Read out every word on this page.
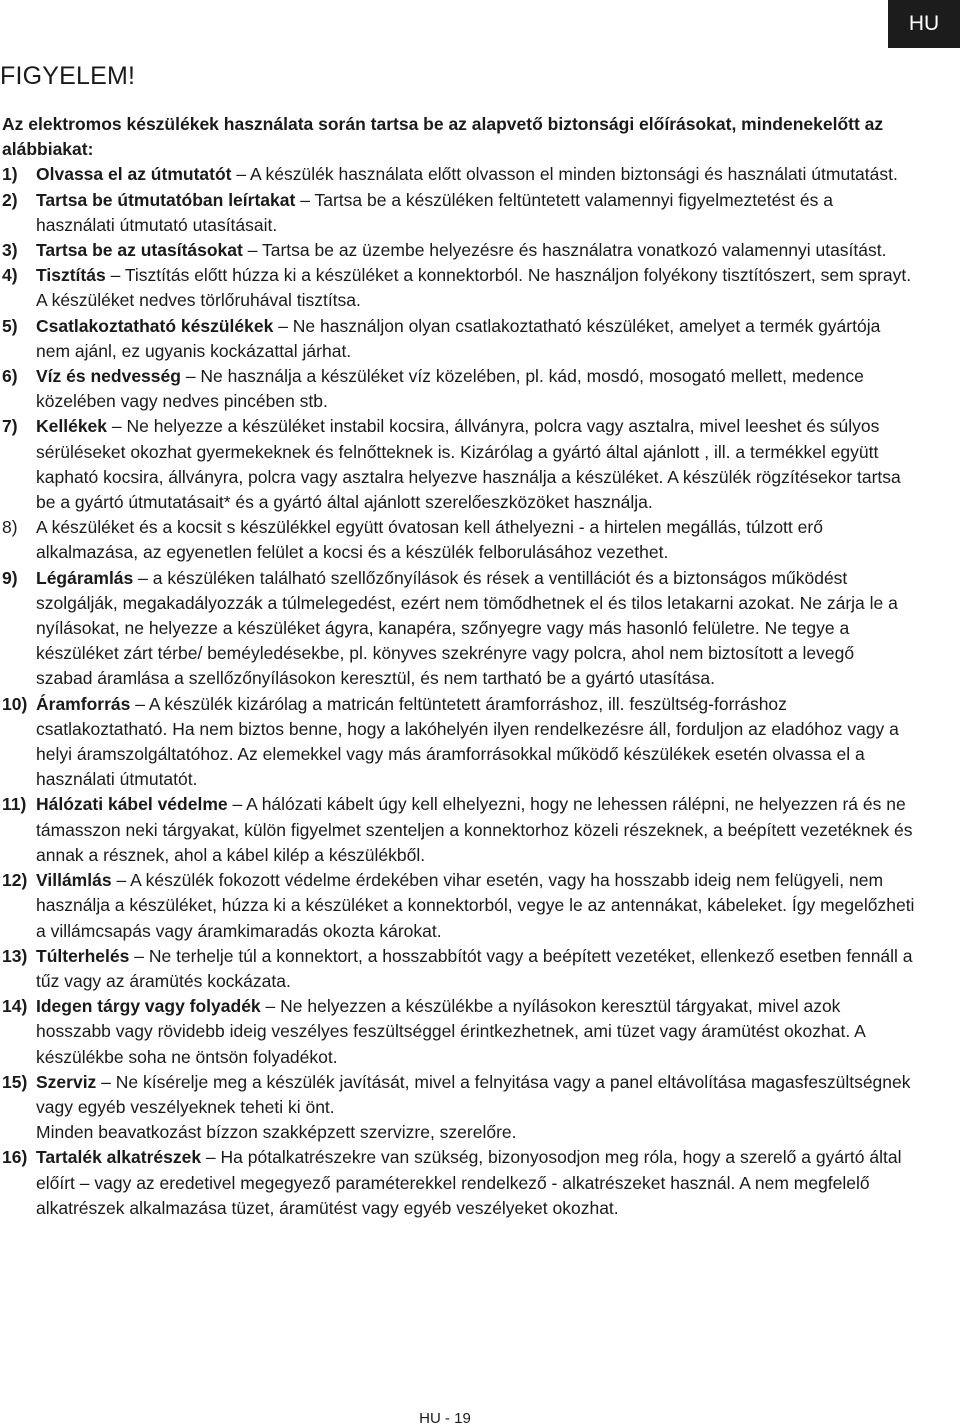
HU
FIGYELEM!

Az elektromos készülékek használata során tartsa be az alapvető biztonsági előírásokat, mindenekelőtt az alábbiakat:

1) Olvassa el az útmutatót – A készülék használata előtt olvasson el minden biztonsági és használati útmutatást.
2) Tartsa be útmutatóban leírtakat – Tartsa be a készüléken feltüntetett valamennyi figyelmeztetést és a használati útmutató utasításait.
3) Tartsa be az utasításokat – Tartsa be az üzembe helyezésre és használatra vonatkozó valamennyi utasítást.
4) Tisztítás – Tisztítás előtt húzza ki a készüléket a konnektorból. Ne használjon folyékony tisztítószert, sem sprayt. A készüléket nedves törlőruhával tisztítsa.
5) Csatlakoztatható készülékek – Ne használjon olyan csatlakoztatható készüléket, amelyet a termék gyártója nem ajánl, ez ugyanis kockázattal járhat.
6) Víz és nedvesség – Ne használja a készüléket víz közelében, pl. kád, mosdó, mosogató mellett, medence közelében vagy nedves pincében stb.
7) Kellékek – Ne helyezze a készüléket instabil kocsira, állványra, polcra vagy asztalra, mivel leeshet és súlyos sérüléseket okozhat gyermekeknek és felnőtteknek is. Kizárólag a gyártó által ajánlott , ill. a termékkel együtt kapható kocsira, állványra, polcra vagy asztalra helyezve használja a készüléket. A készülék rögzítésekor tartsa be a gyártó útmutatásait* és a gyártó által ajánlott szerelőeszközöket használja.
8) A készüléket és a kocsit s készülékkel együtt óvatosan kell áthelyezni - a hirtelen megállás, túlzott erő alkalmazása, az egyenetlen felület a kocsi és a készülék felborulásához vezethet.
9) Légáramlás – a készüléken található szellőzőnyílások és rések a ventillációt és a biztonságos működést szolgálják, megakadályozzák a túlmelegedést, ezért nem tömődhetnek el és tilos letakarni azokat. Ne zárja le a nyílásokat, ne helyezze a készüléket ágyra, kanapéra, szőnyegre vagy más hasonló felületre. Ne tegye a készüléket zárt térbe/ beméyledésekbe, pl. könyves szekrényre vagy polcra, ahol nem biztosított a levegő szabad áramlása a szellőzőnyílásokon keresztül, és nem tartható be a gyártó utasítása.
10) Áramforrás – A készülék kizárólag a matricán feltüntetett áramforráshoz, ill. feszültség-forráshoz csatlakoztatható. Ha nem biztos benne, hogy a lakóhelyén ilyen rendelkezésre áll, forduljon az eladóhoz vagy a helyi áramszolgáltatóhoz. Az elemekkel vagy más áramforrásokkal működő készülékek esetén olvassa el a használati útmutatót.
11) Hálózati kábel védelme – A hálózati kábelt úgy kell elhelyezni, hogy ne lehessen rálépni, ne helyezzen rá és ne támasszon neki tárgyakat, külön figyelmet szenteljen a konnektorhoz közeli részeknek, a beépített vezetéknek és annak a résznek, ahol a kábel kilép a készülékből.
12) Villámlás – A készülék fokozott védelme érdekében vihar esetén, vagy ha hosszabb ideig nem felügyeli, nem használja a készüléket, húzza ki a készüléket a konnektorból, vegye le az antennákat, kábeleket. Így megelőzheti a villámcsapás vagy áramkimaradás okozta károkat.
13) Túlterhelés – Ne terhelje túl a konnektort, a hosszabbítót vagy a beépített vezetéket, ellenkező esetben fennáll a tűz vagy az áramütés kockázata.
14) Idegen tárgy vagy folyadék – Ne helyezzen a készülékbe a nyílásokon keresztül tárgyakat, mivel azok hosszabb vagy rövidebb ideig veszélyes feszültséggel érintkezhetnek, ami tüzet vagy áramütést okozhat. A készülékbe soha ne öntsön folyadékot.
15) Szerviz – Ne kísérelje meg a készülék javítását, mivel a felnyitása vagy a panel eltávolítása magasfeszültségnek vagy egyéb veszélyeknek teheti ki önt.
Minden beavatkozást bízzon szakképzett szervizre, szerelőre.
16) Tartalék alkatrészek – Ha pótalkatrészekre van szükség, bizonyosodjon meg róla, hogy a szerelő a gyártó által előírt – vagy az eredetivel megegyező paraméterekkel rendelkező - alkatrészeket használ. A nem megfelelő alkatrészek alkalmazása tüzet, áramütést vagy egyéb veszélyeket okozhat.
HU - 19
